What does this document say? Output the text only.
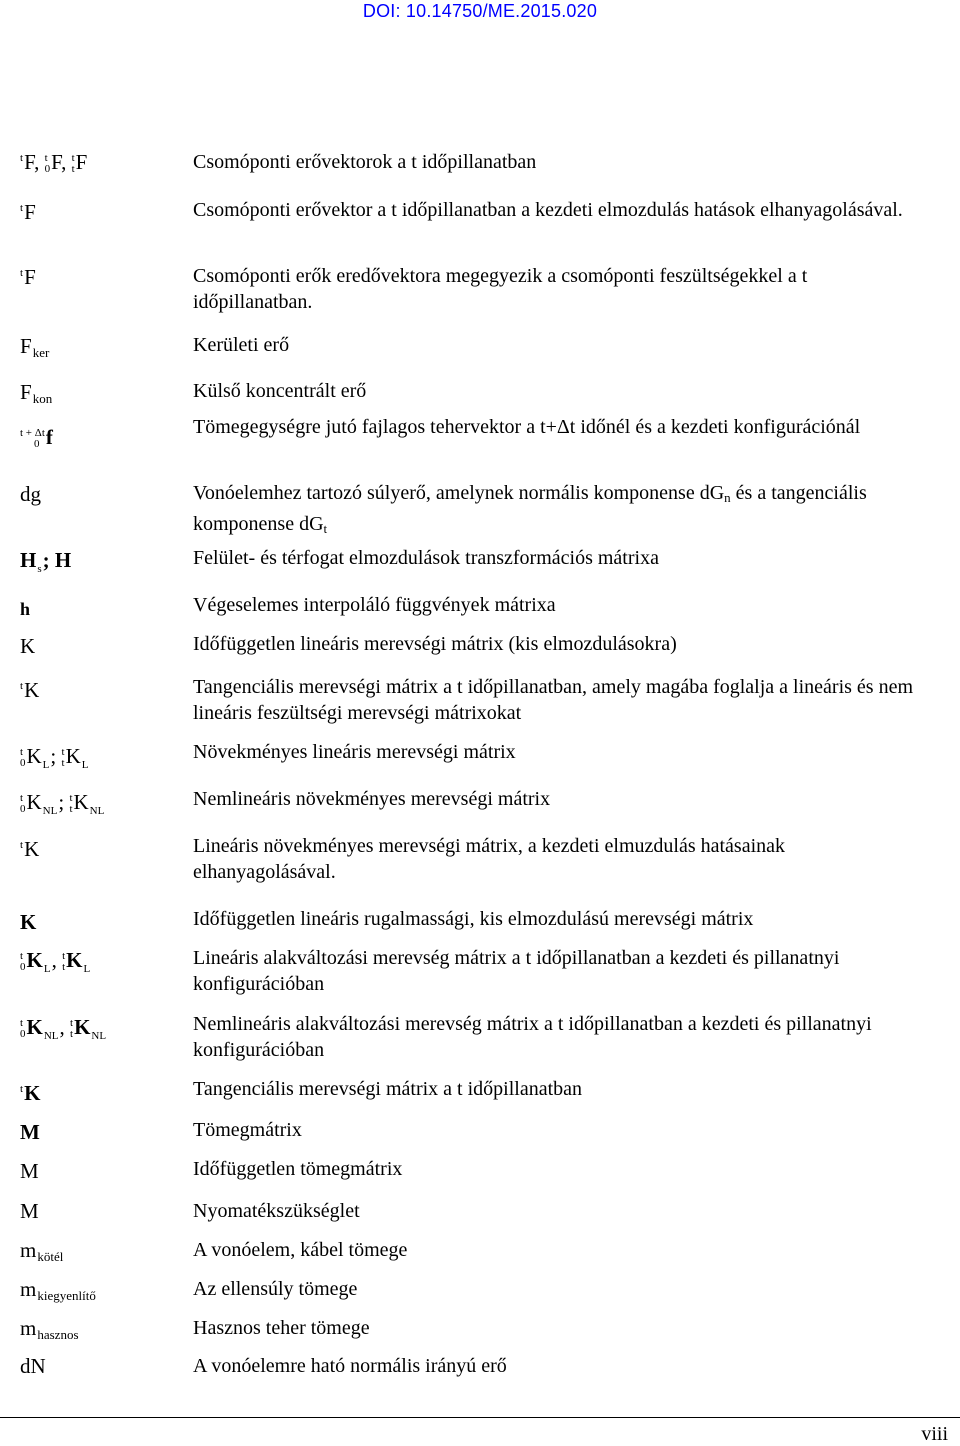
DOI: 10.14750/ME.2015.020
t F, t
0 F, t
t F
t F
t F
Fker
Fkon
t + Δt
0 f
dg
$H_s$; H
h
K
t K
t
0 $K_L$; t
t $K_L$
t
0 $K_{NL}$; t
t $K_{NL}$
t K
K
t
0 $K_L$, t
t $K_L$
t
0 $K_{NL}$, t
t $K_{NL}$
t K
M
M
M
mkötél
mkiegyenlítő
mhasznos
dN
Csomóponti erővektorok a t időpillanatban
Csomóponti erővektor a t időpillanatban a kezdeti elmozdulás hatások elhanyagolásával.
Csomóponti erők eredővektora megegyezik a csomóponti feszültségekkel a t időpillanatban.
Kerületi erő
Külső koncentrált erő
Tömegegységre jutó fajlagos tehervektor a t+Δt időnél és a kezdeti konfigurációnál
Vonóelemhez tartozó súlyerő, amelynek normális komponense dGn és a tangenciális komponense dGt
Felület- és térfogat elmozdulások transzformációs mátrixa
Végeselemes interpoláló függvények mátrixa
Időfüggetlen lineáris merevségi mátrix (kis elmozdulásokra)
Tangenciális merevségi mátrix a t időpillanatban, amely magába foglalja a lineáris és nem lineáris feszültségi merevségi mátrixokat
Növekményes lineáris merevségi mátrix
Nemlineáris növekményes merevségi mátrix
Lineáris növekményes merevségi mátrix, a kezdeti elmuzdulás hatásainak elhanyagolásával.
Időfüggetlen lineáris rugalmassági, kis elmozdulású merevségi mátrix
Lineáris alakváltozási merevség mátrix a t időpillanatban a kezdeti és pillanatnyi konfigurációban
Nemlineáris alakváltozási merevség mátrix a t időpillanatban a kezdeti és pillanatnyi konfigurációban
Tangenciális merevségi mátrix a t időpillanatban
Tömegmátrix
Időfüggetlen tömegmátrix
Nyomatékszükséglet
A vonóelem, kábel tömege
Az ellensúly tömege
Hasznos teher tömege
A vonóelemre ható normális irányú erő
viii
